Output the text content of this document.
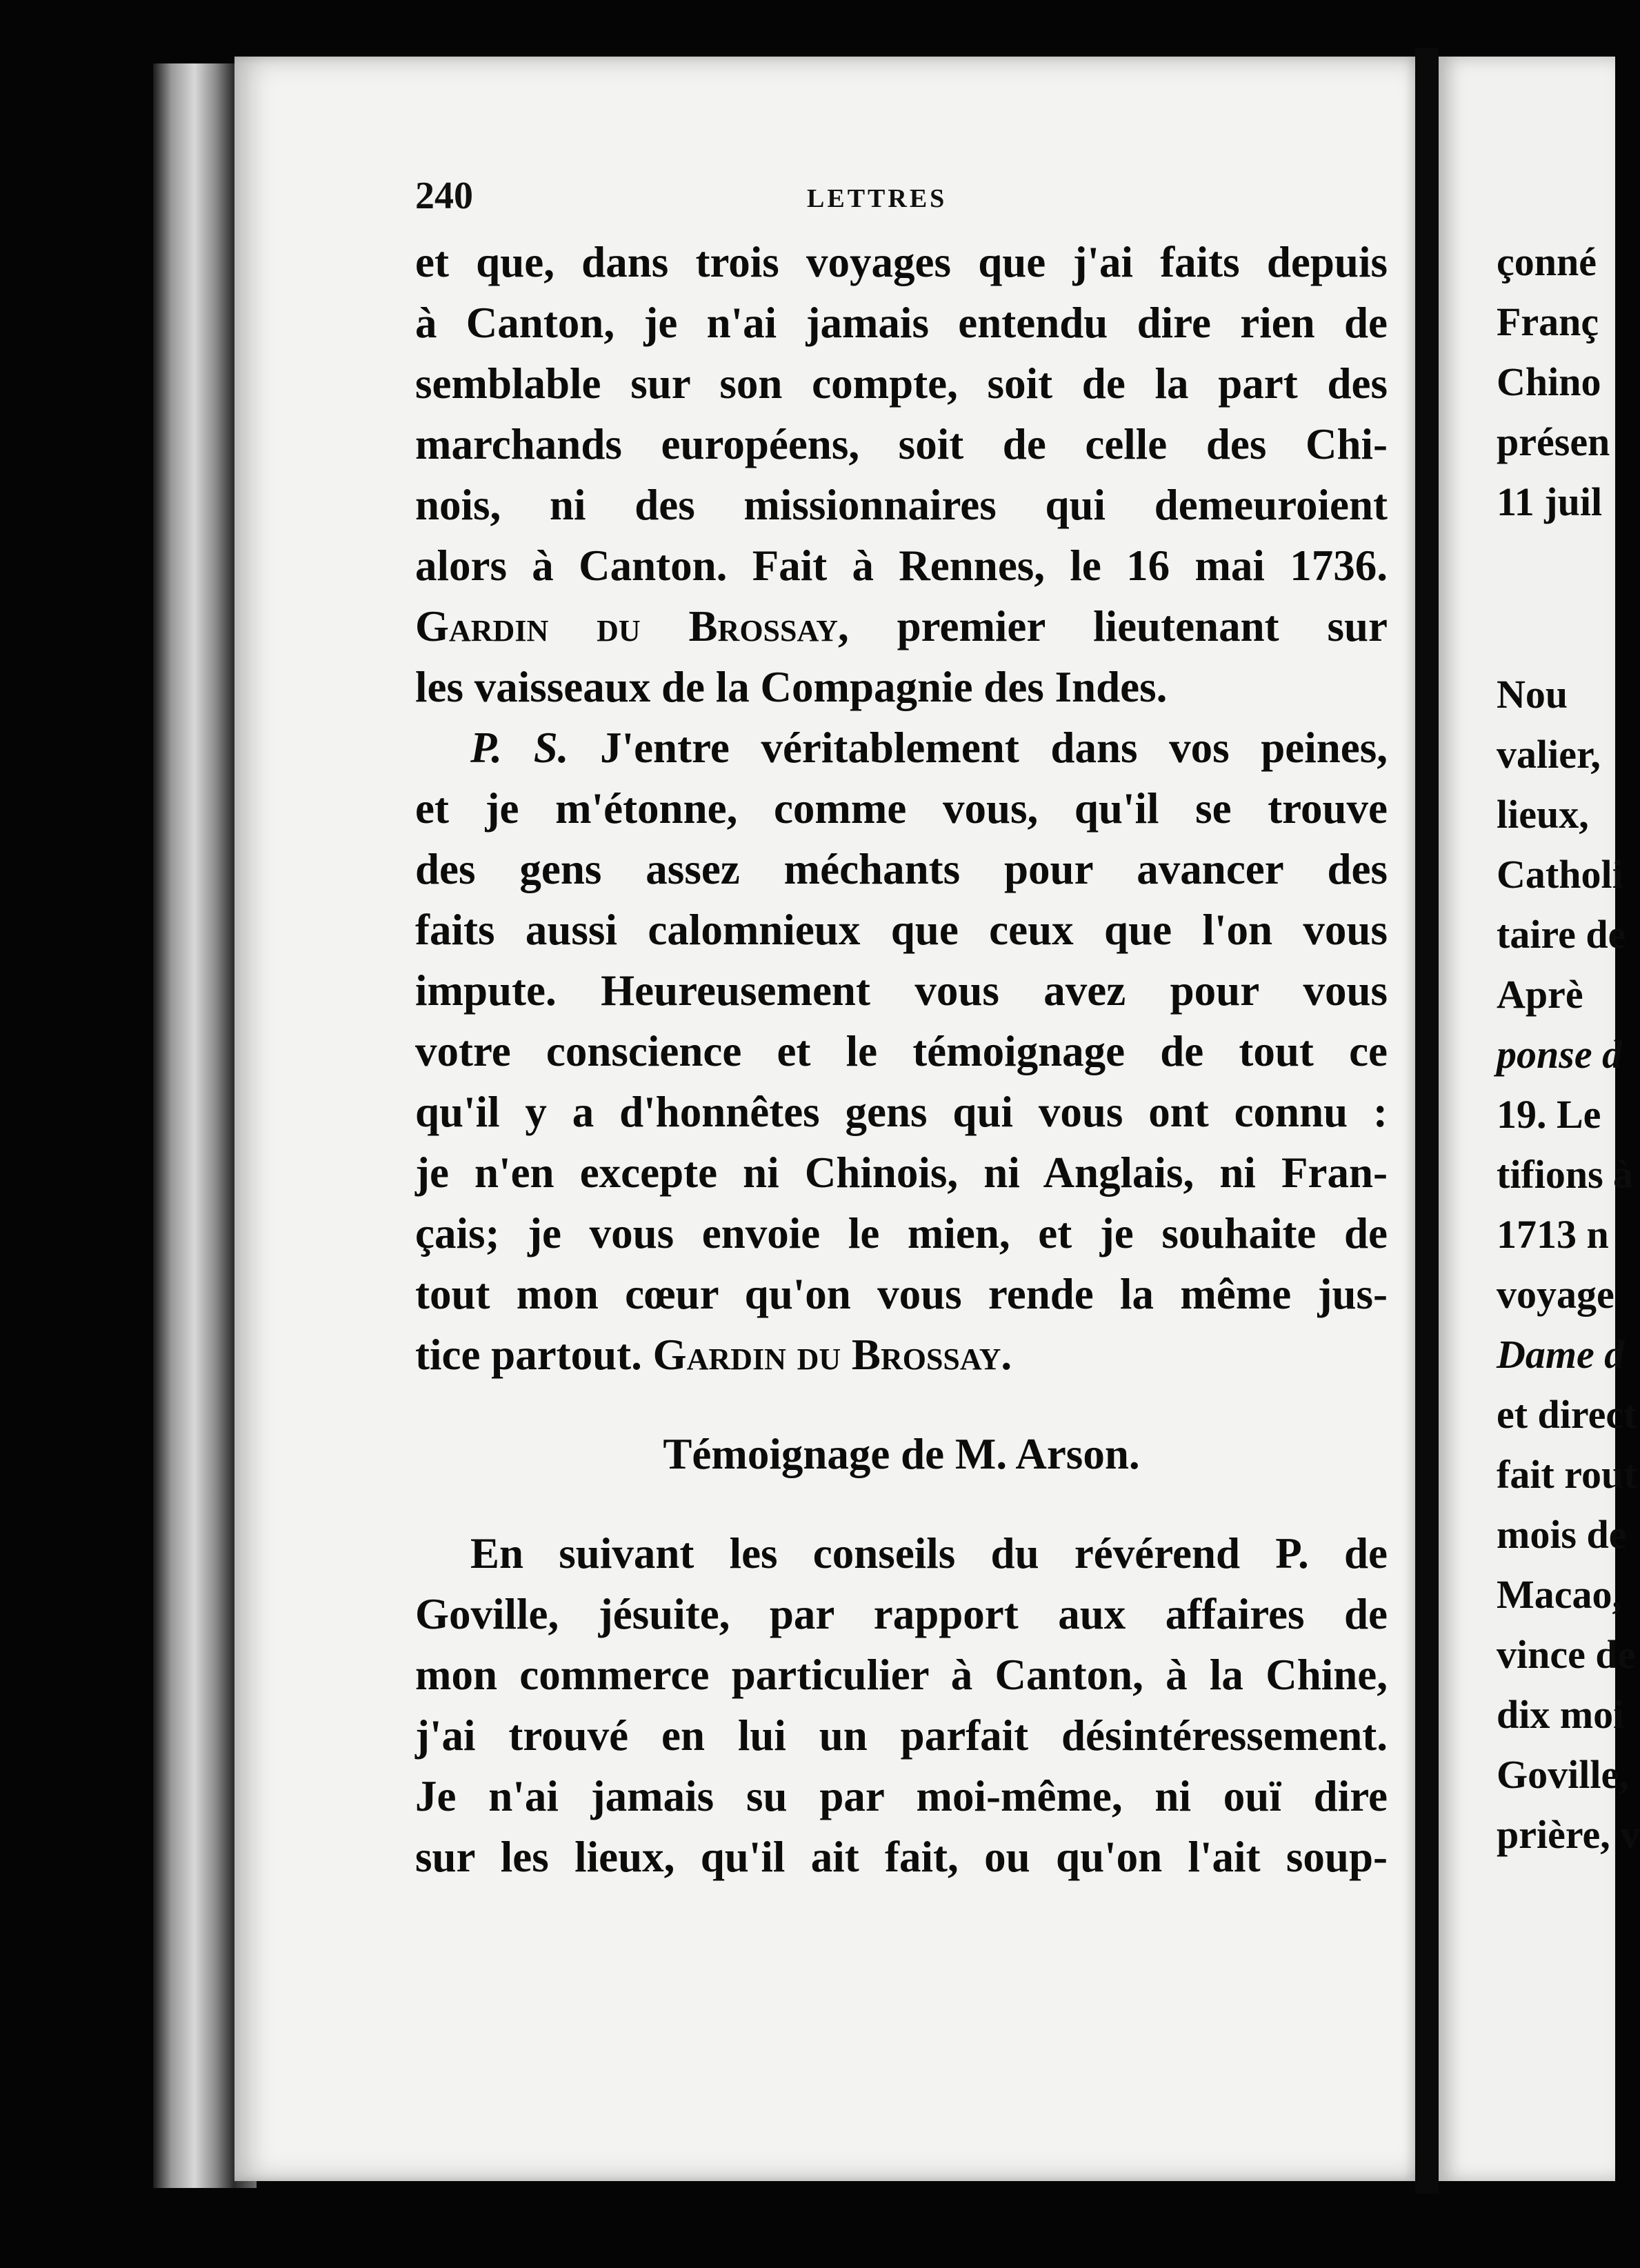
240	LETTRES
et que, dans trois voyages que j'ai faits depuis
à Canton, je n'ai jamais entendu dire rien de
semblable sur son compte, soit de la part des
marchands européens, soit de celle des Chi-
nois, ni des missionnaires qui demeuroient
alors à Canton. Fait à Rennes, le 16 mai 1736.
Gardin du Brossay, premier lieutenant sur
les vaisseaux de la Compagnie des Indes.
P. S. J'entre véritablement dans vos peines,
et je m'étonne, comme vous, qu'il se trouve
des gens assez méchants pour avancer des
faits aussi calomnieux que ceux que l'on vous
impute. Heureusement vous avez pour vous
votre conscience et le témoignage de tout ce
qu'il y a d'honnêtes gens qui vous ont connu :
je n'en excepte ni Chinois, ni Anglais, ni Fran-
çais; je vous envoie le mien, et je souhaite de
tout mon cœur qu'on vous rende la même jus-
tice partout. Gardin du Brossay.
Témoignage de M. Arson.
En suivant les conseils du révérend P. de
Goville, jésuite, par rapport aux affaires de
mon commerce particulier à Canton, à la Chine,
j'ai trouvé en lui un parfait désintéressement.
Je n'ai jamais su par moi-même, ni ouï dire
sur les lieux, qu'il ait fait, ou qu'on l'ait soup-
çonné
Franç
Chino
présen
11 juil
Nou
valier,
lieux,
Catholi
taire de
Aprè
ponse d
19. Le
tifions à
1713 n
voyage
Dame d
et direct
fait rout
mois de
Macao,
vince de
dix moi
Goville,
prière, v
